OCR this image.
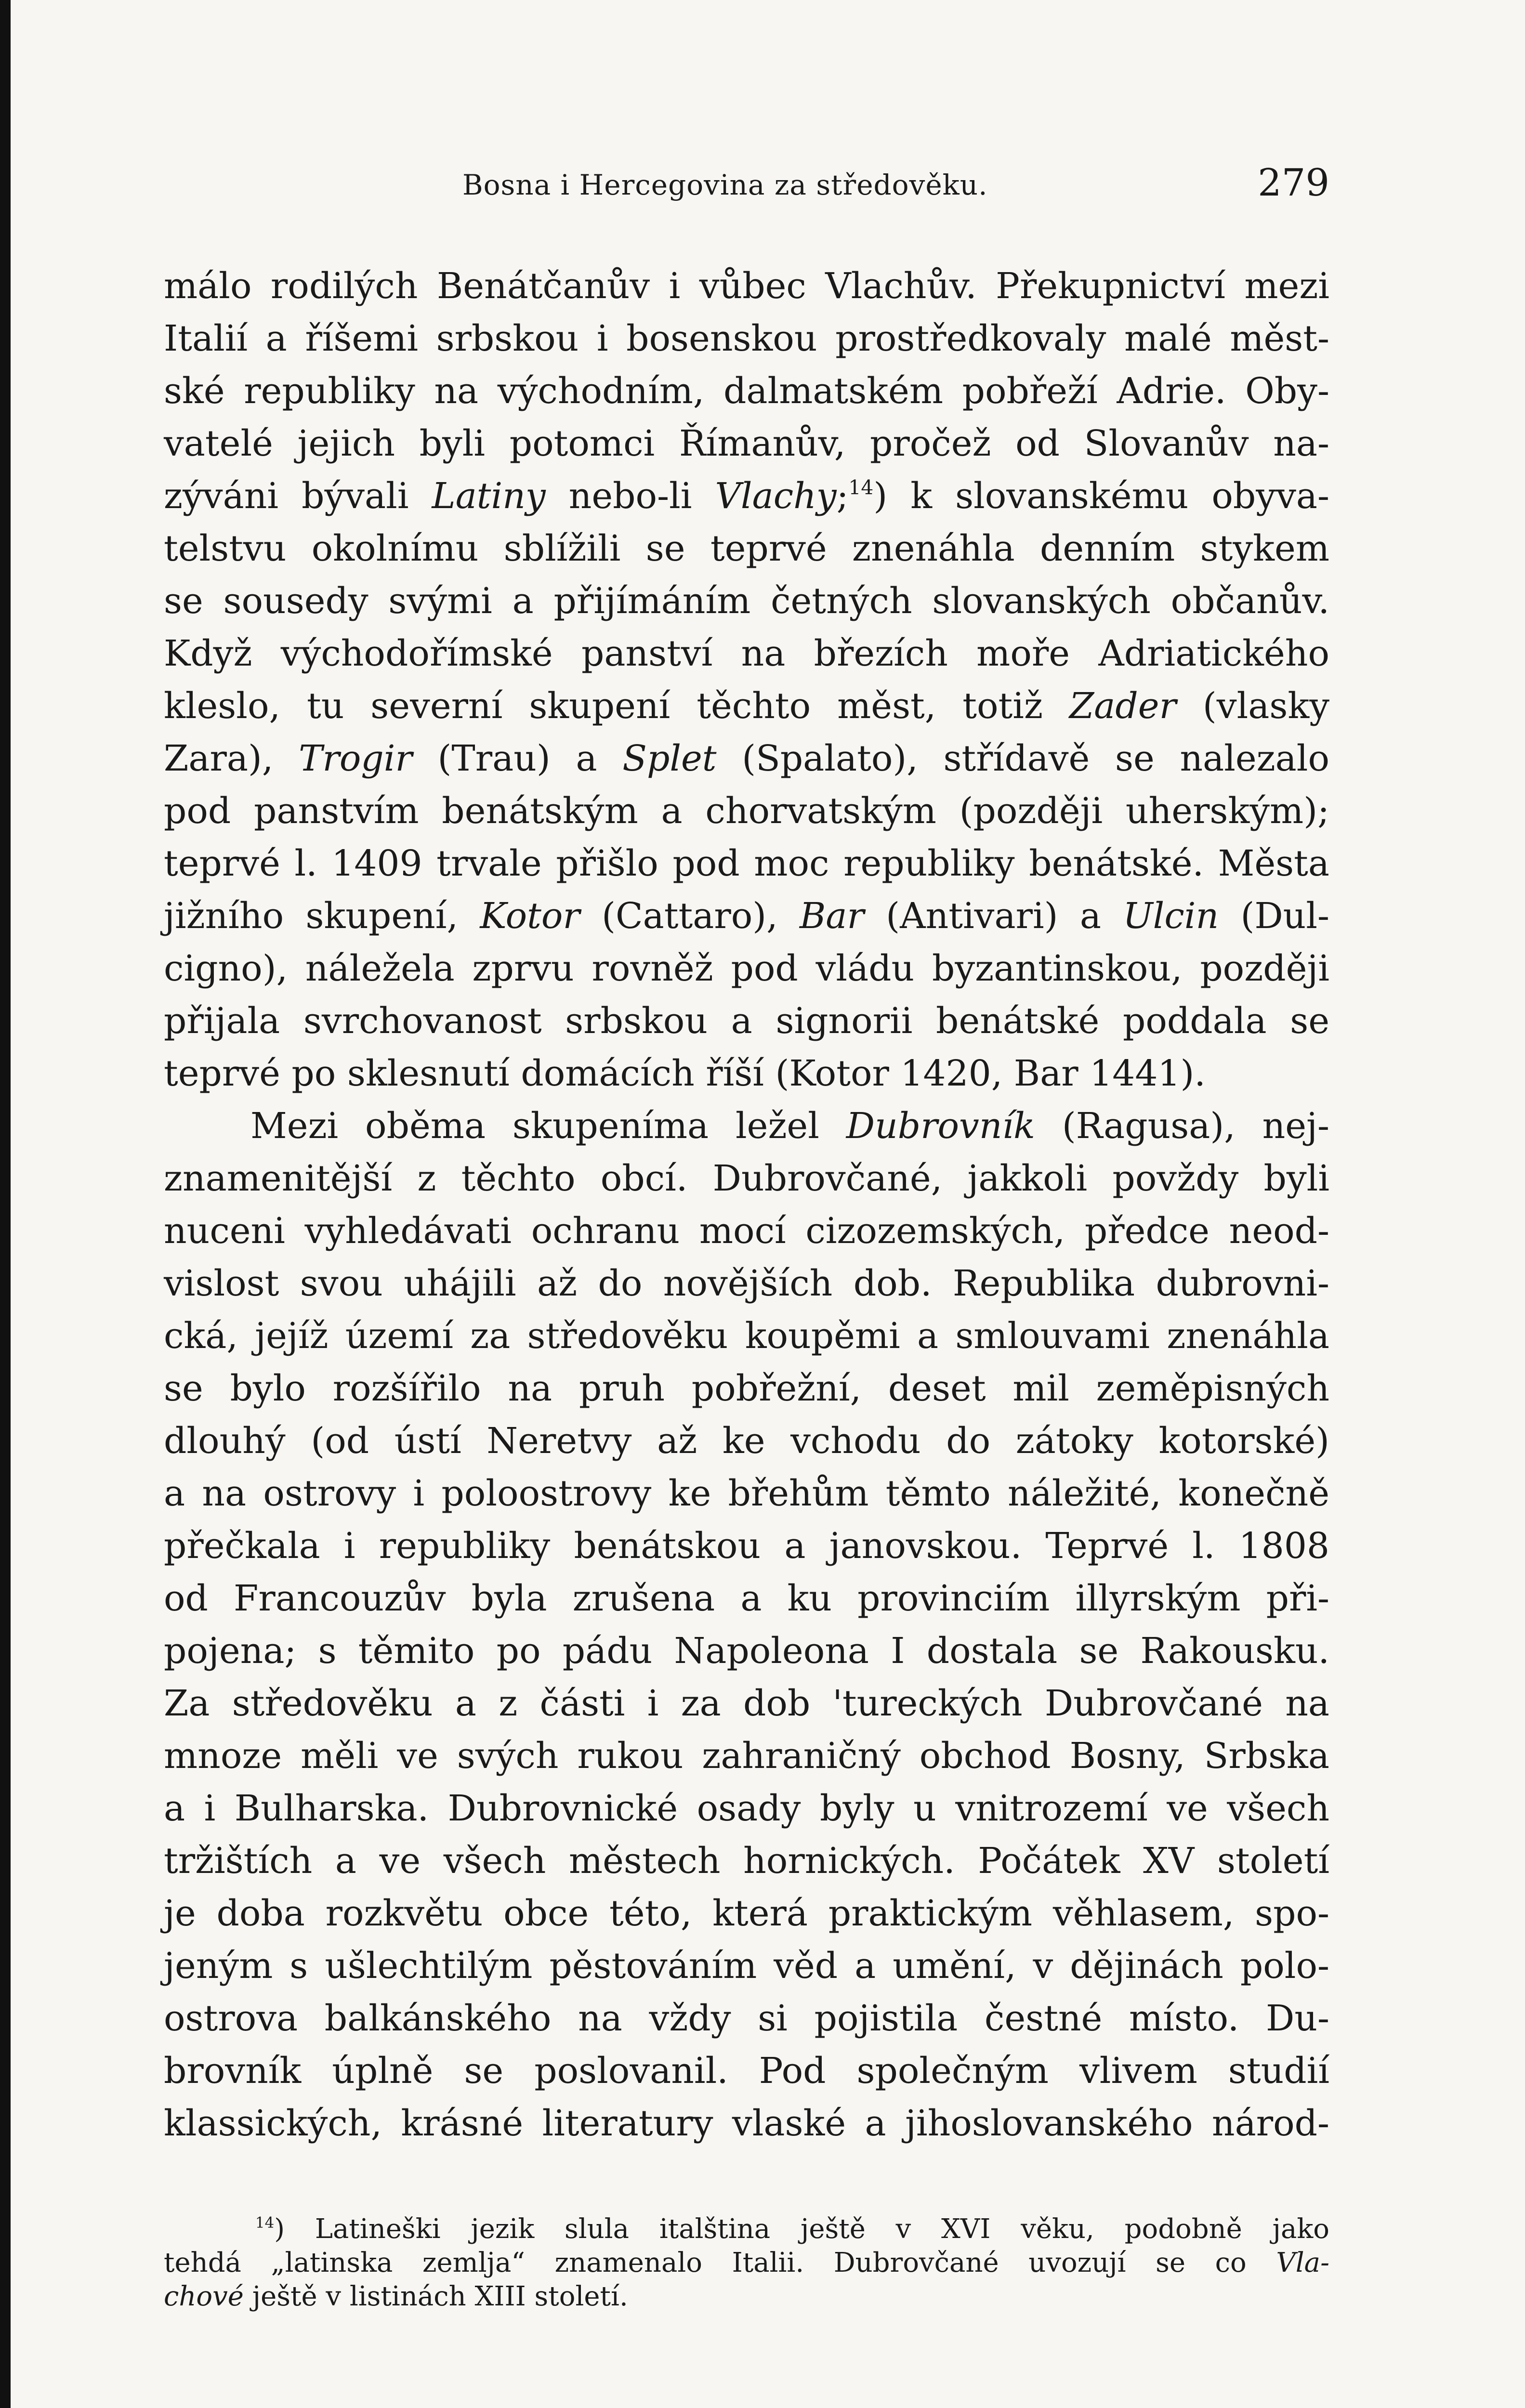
Bosna i Hercegovina za středověku.	279
málo rodilých Benátčanův i vůbec Vlachův. Překupnictví mezi
Italií a říšemi srbskou i bosenskou prostředkovaly malé měst-
ské republiky na východním, dalmatském pobřeží Adrie. Oby-
vatelé jejich byli potomci Římanův, pročež od Slovanův na-
zýváni bývali Latiny nebo-li Vlachy;$^{14}$) k slovanskému obyva-
telstvu okolnímu sblížili se teprvé znenáhla denním stykem
se sousedy svými a přijímáním četných slovanských občanův.
Když východořímské panství na březích moře Adriatického
kleslo, tu severní skupení těchto měst, totiž Zader (vlasky
Zara), Trogir (Trau) a Splet (Spalato), střídavě se nalezalo
pod panstvím benátským a chorvatským (později uherským);
teprvé l. 1409 trvale přišlo pod moc republiky benátské. Města
jižního skupení, Kotor (Cattaro), Bar (Antivari) a Ulcin (Dul-
cigno), náležela zprvu rovněž pod vládu byzantinskou, později
přijala svrchovanost srbskou a signorii benátské poddala se
teprvé po sklesnutí domácích říší (Kotor 1420, Bar 1441).
Mezi oběma skupeníma ležel Dubrovník (Ragusa), nej-
znamenitější z těchto obcí. Dubrovčané, jakkoli povždy byli
nuceni vyhledávati ochranu mocí cizozemských, předce neod-
vislost svou uhájili až do novějších dob. Republika dubrovni-
cká, jejíž území za středověku koupěmi a smlouvami znenáhla
se bylo rozšířilo na pruh pobřežní, deset mil zeměpisných
dlouhý (od ústí Neretvy až ke vchodu do zátoky kotorské)
a na ostrovy i poloostrovy ke břehům těmto náležité, konečně
přečkala i republiky benátskou a janovskou. Teprvé l. 1808
od Francouzův byla zrušena a ku provinciím illyrským při-
pojena; s těmito po pádu Napoleona I dostala se Rakousku.
Za středověku a z části i za dob 'tureckých Dubrovčané na
mnoze měli ve svých rukou zahraničný obchod Bosny, Srbska
a i Bulharska. Dubrovnické osady byly u vnitrozemí ve všech
tržištích a ve všech městech hornických. Počátek XV století
je doba rozkvětu obce této, která praktickým věhlasem, spo-
jeným s ušlechtilým pěstováním věd a umění, v dějinách polo-
ostrova balkánského na vždy si pojistila čestné místo. Du-
brovník úplně se poslovanil. Pod společným vlivem studií
klassických, krásné literatury vlaské a jihoslovanského národ-
$^{14}$) Latineški jezik slula italština ještě v XVI věku, podobně jako
tehdá „latinska zemlja“ znamenalo Italii. Dubrovčané uvozují se co Vla-
chové ještě v listinách XIII století.
